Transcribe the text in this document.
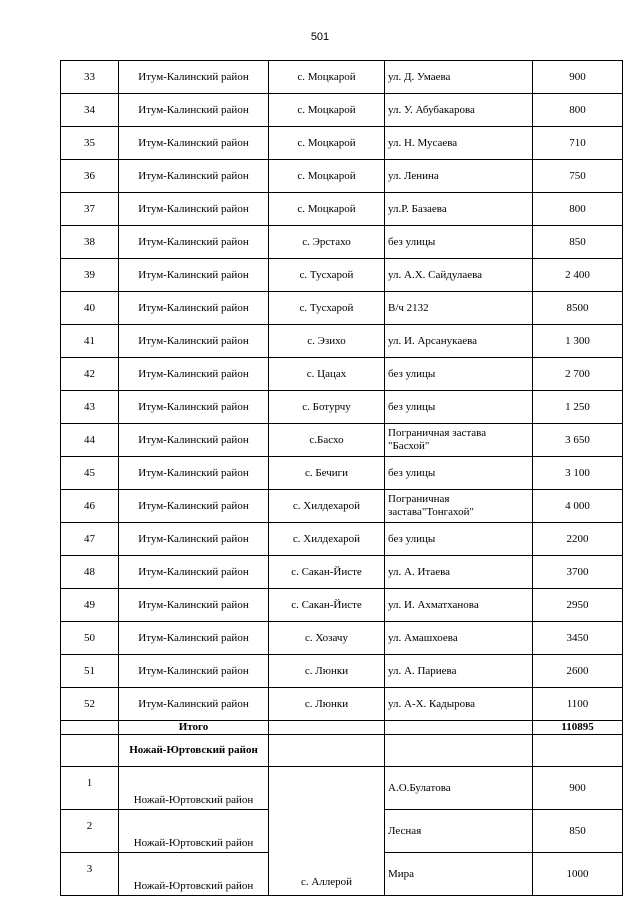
501
33	Итум-Калинский район	с. Моцкарой	ул. Д. Умаева	900
34	Итум-Калинский район	с. Моцкарой	ул. У. Абубакарова	800
35	Итум-Калинский район	с. Моцкарой	ул. Н. Мусаева	710
36	Итум-Калинский район	с. Моцкарой	ул. Ленина	750
37	Итум-Калинский район	с. Моцкарой	ул.Р. Базаева	800
38	Итум-Калинский район	с. Эрстахо	без улицы	850
39	Итум-Калинский район	с. Тусхарой	ул. А.Х. Сайдулаева	2 400
40	Итум-Калинский район	с. Тусхарой	В/ч 2132	8500
41	Итум-Калинский район	с. Эзихо	ул. И. Арсанукаева	1 300
42	Итум-Калинский район	с. Цацах	без улицы	2 700
43	Итум-Калинский район	с. Ботурчу	без улицы	1 250
44	Итум-Калинский район	с.Басхо	Пограничная застава "Басхой"	3 650
45	Итум-Калинский район	с. Бечиги	без улицы	3 100
46	Итум-Калинский район	с. Хилдехарой	Пограничная застава"Тонгахой"	4 000
47	Итум-Калинский район	с. Хилдехарой	без улицы	2200
48	Итум-Калинский район	с. Сакан-Йисте	ул. А. Итаева	3700
49	Итум-Калинский район	с. Сакан-Йисте	ул. И. Ахматханова	2950
50	Итум-Калинский район	с. Хозачу	ул. Амашхоева	3450
51	Итум-Калинский район	с. Люнки	ул. А. Париева	2600
52	Итум-Калинский район	с. Люнки	ул. А-Х. Кадырова	1100
	Итого			110895
	Ножай-Юртовский район			
1	Ножай-Юртовский район	с. Аллерой	А.О.Булатова	900
2	Ножай-Юртовский район		Лесная	850
3	Ножай-Юртовский район		Мира	1000
